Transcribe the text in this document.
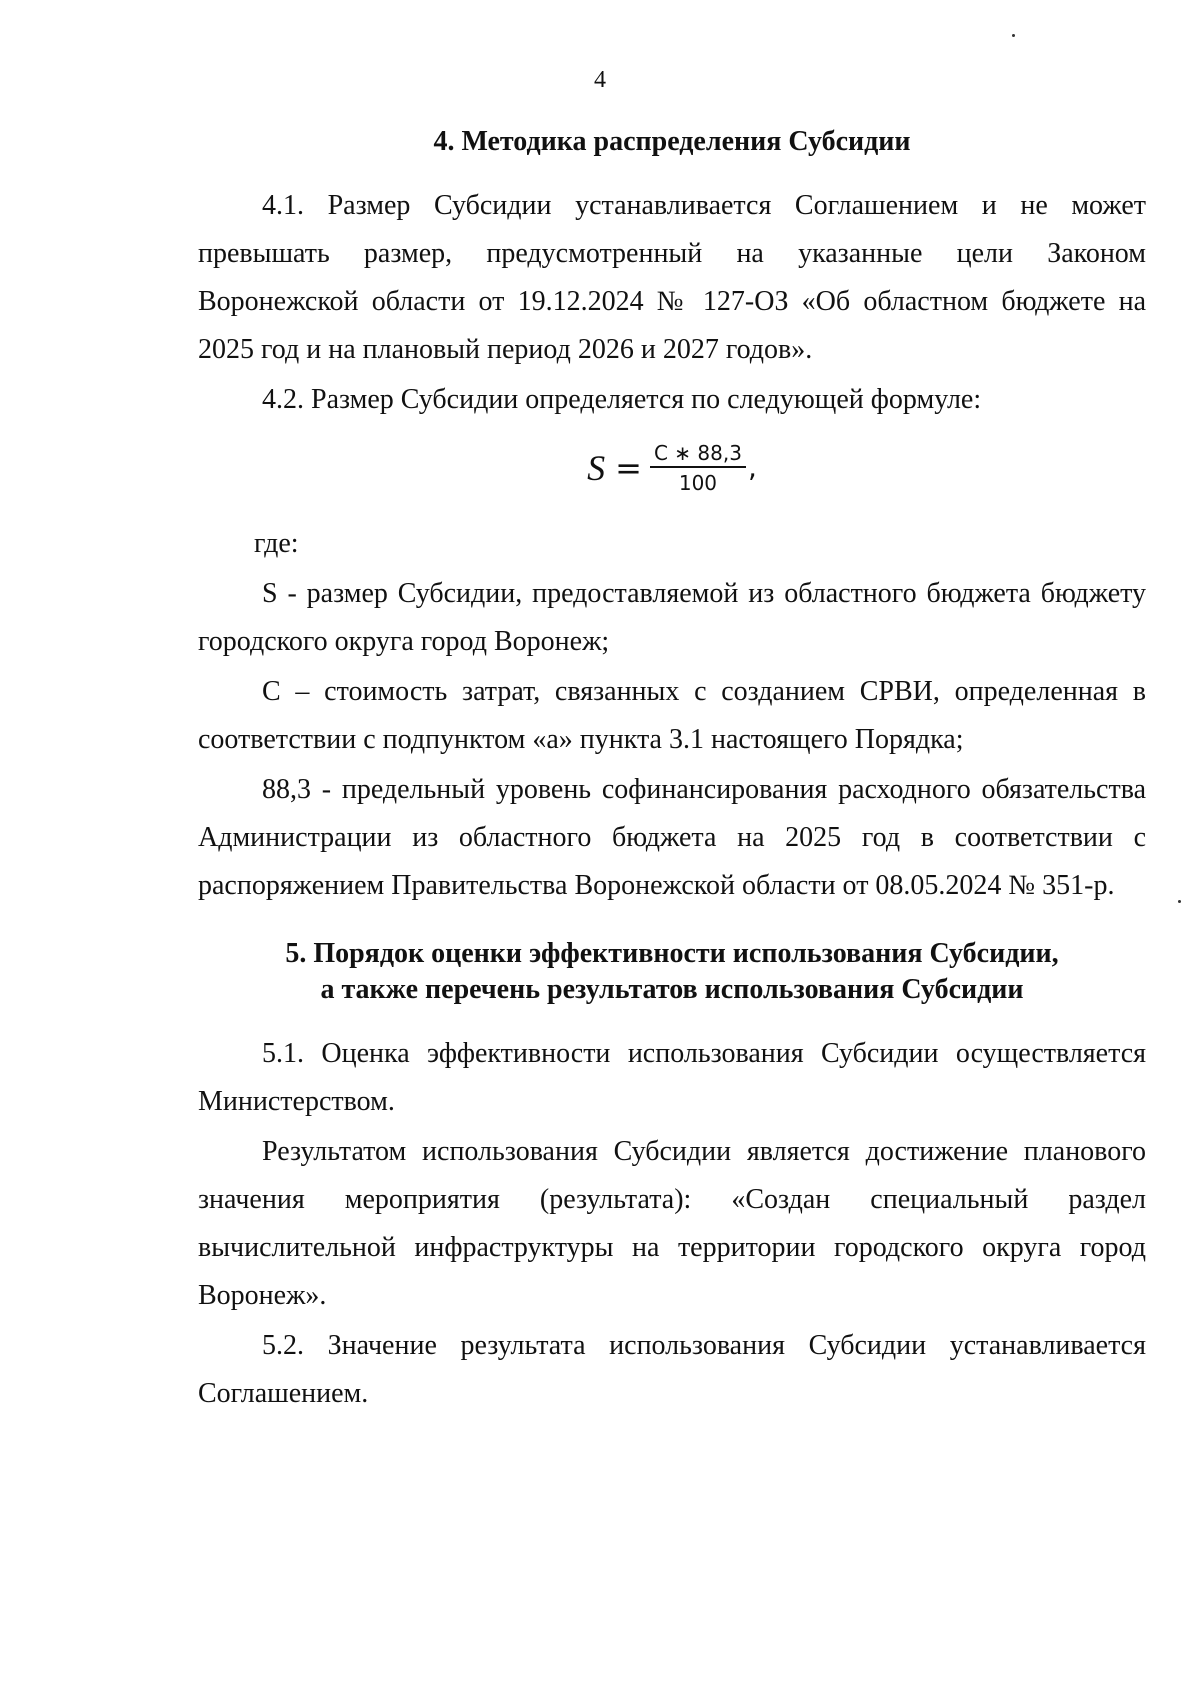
4
4. Методика распределения Субсидии

4.1. Размер Субсидии устанавливается Соглашением и не может превышать размер, предусмотренный на указанные цели Законом Воронежской области от 19.12.2024 № 127-ОЗ «Об областном бюджете на 2025 год и на плановый период 2026 и 2027 годов».

4.2. Размер Субсидии определяется по следующей формуле:

$S = \frac{C ∗ 88,3}{100}$ ,

где:

S - размер Субсидии, предоставляемой из областного бюджета бюджету городского округа город Воронеж;

С – стоимость затрат, связанных с созданием СРВИ, определенная в соответствии с подпунктом «а» пункта 3.1 настоящего Порядка;

88,3 - предельный уровень софинансирования расходного обязательства Администрации из областного бюджета на 2025 год в соответствии с распоряжением Правительства Воронежской области от 08.05.2024 № 351-р.

5. Порядок оценки эффективности использования Субсидии,
а также перечень результатов использования Субсидии

5.1. Оценка эффективности использования Субсидии осуществляется Министерством.

Результатом использования Субсидии является достижение планового значения мероприятия (результата): «Создан специальный раздел вычислительной инфраструктуры на территории городского округа город Воронеж».

5.2. Значение результата использования Субсидии устанавливается Соглашением.
